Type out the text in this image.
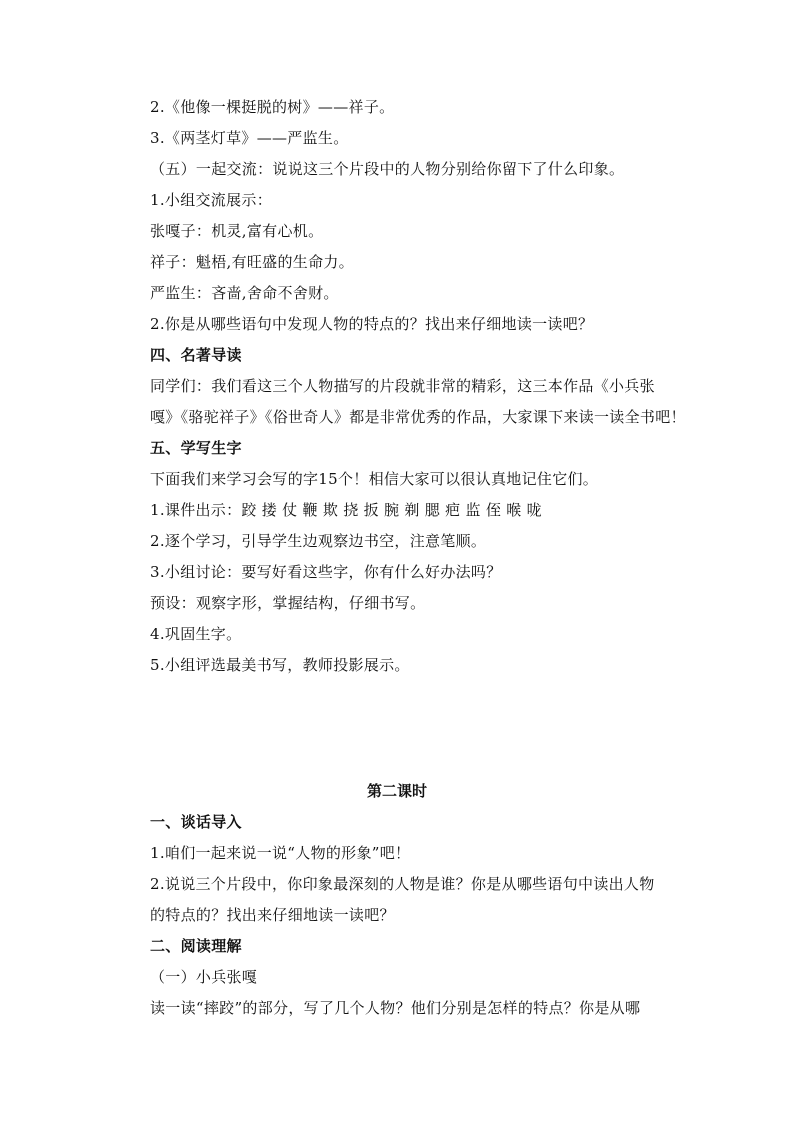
2.《他像一棵挺脱的树》——祥子。
3.《两茎灯草》——严监生。
（五）一起交流：说说这三个片段中的人物分别给你留下了什么印象。
1.小组交流展示：
张嘎子：机灵,富有心机。
祥子：魁梧,有旺盛的生命力。
严监生：吝啬,舍命不舍财。
2.你是从哪些语句中发现人物的特点的？找出来仔细地读一读吧？
四、名著导读
同学们：我们看这三个人物描写的片段就非常的精彩，这三本作品《小兵张
嘎》《骆驼祥子》《俗世奇人》都是非常优秀的作品，大家课下来读一读全书吧！
五、学写生字
下面我们来学习会写的字15个！相信大家可以很认真地记住它们。
1.课件出示：跤 搂 仗 鞭 欺 挠 扳 腕 剃 腮 疤 监 侄 喉 咙
2.逐个学习，引导学生边观察边书空，注意笔顺。
3.小组讨论：要写好看这些字，你有什么好办法吗？
预设：观察字形，掌握结构，仔细书写。
4.巩固生字。
5.小组评选最美书写，教师投影展示。
第二课时
一、谈话导入
1.咱们一起来说一说“人物的形象”吧！
2.说说三个片段中，你印象最深刻的人物是谁？你是从哪些语句中读出人物
的特点的？找出来仔细地读一读吧？
二、阅读理解
（一）小兵张嘎
读一读“摔跤”的部分，写了几个人物？他们分别是怎样的特点？你是从哪
